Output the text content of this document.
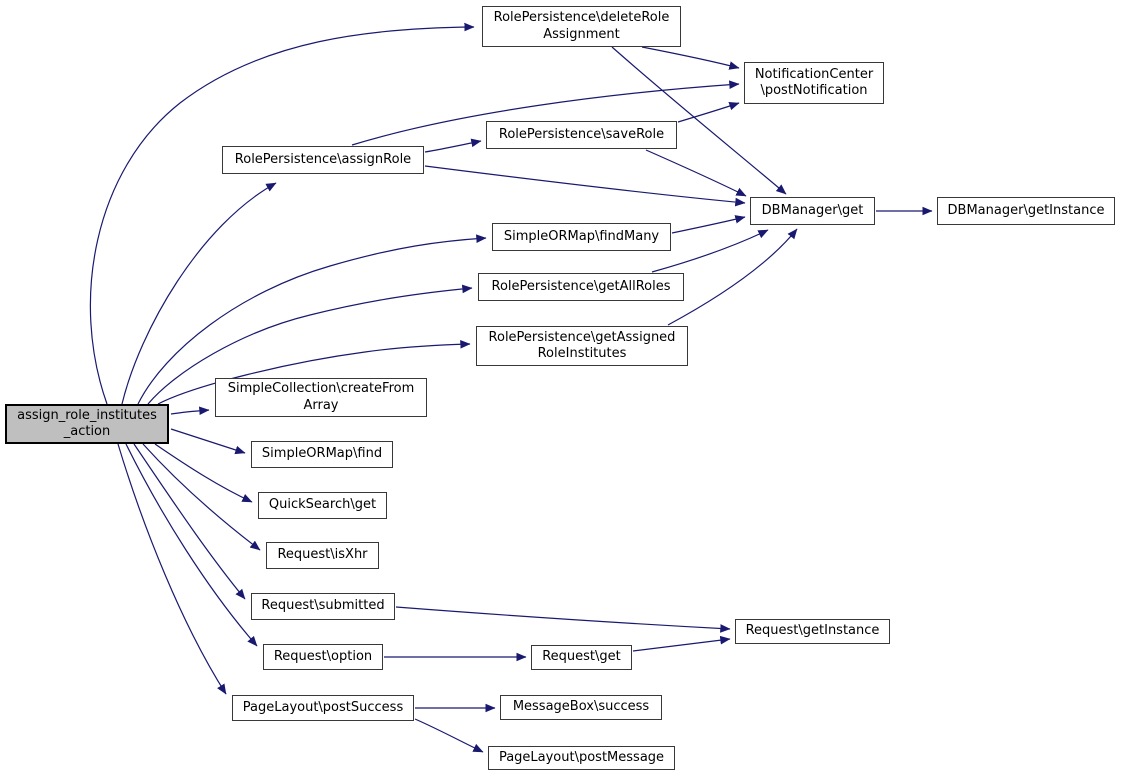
assign_role_institutes
_action
RolePersistence\deleteRole
Assignment
NotificationCenter
\postNotification
RolePersistence\assignRole
RolePersistence\saveRole
DBManager\get	DBManager\getInstance
SimpleORMap\findMany
RolePersistence\getAllRoles
RolePersistence\getAssigned
RoleInstitutes
SimpleCollection\createFrom
Array
SimpleORMap\find
QuickSearch\get
Request\isXhr
Request\submitted
Request\option	Request\get
Request\getInstance
PageLayout\postSuccess	MessageBox\success
PageLayout\postMessage
